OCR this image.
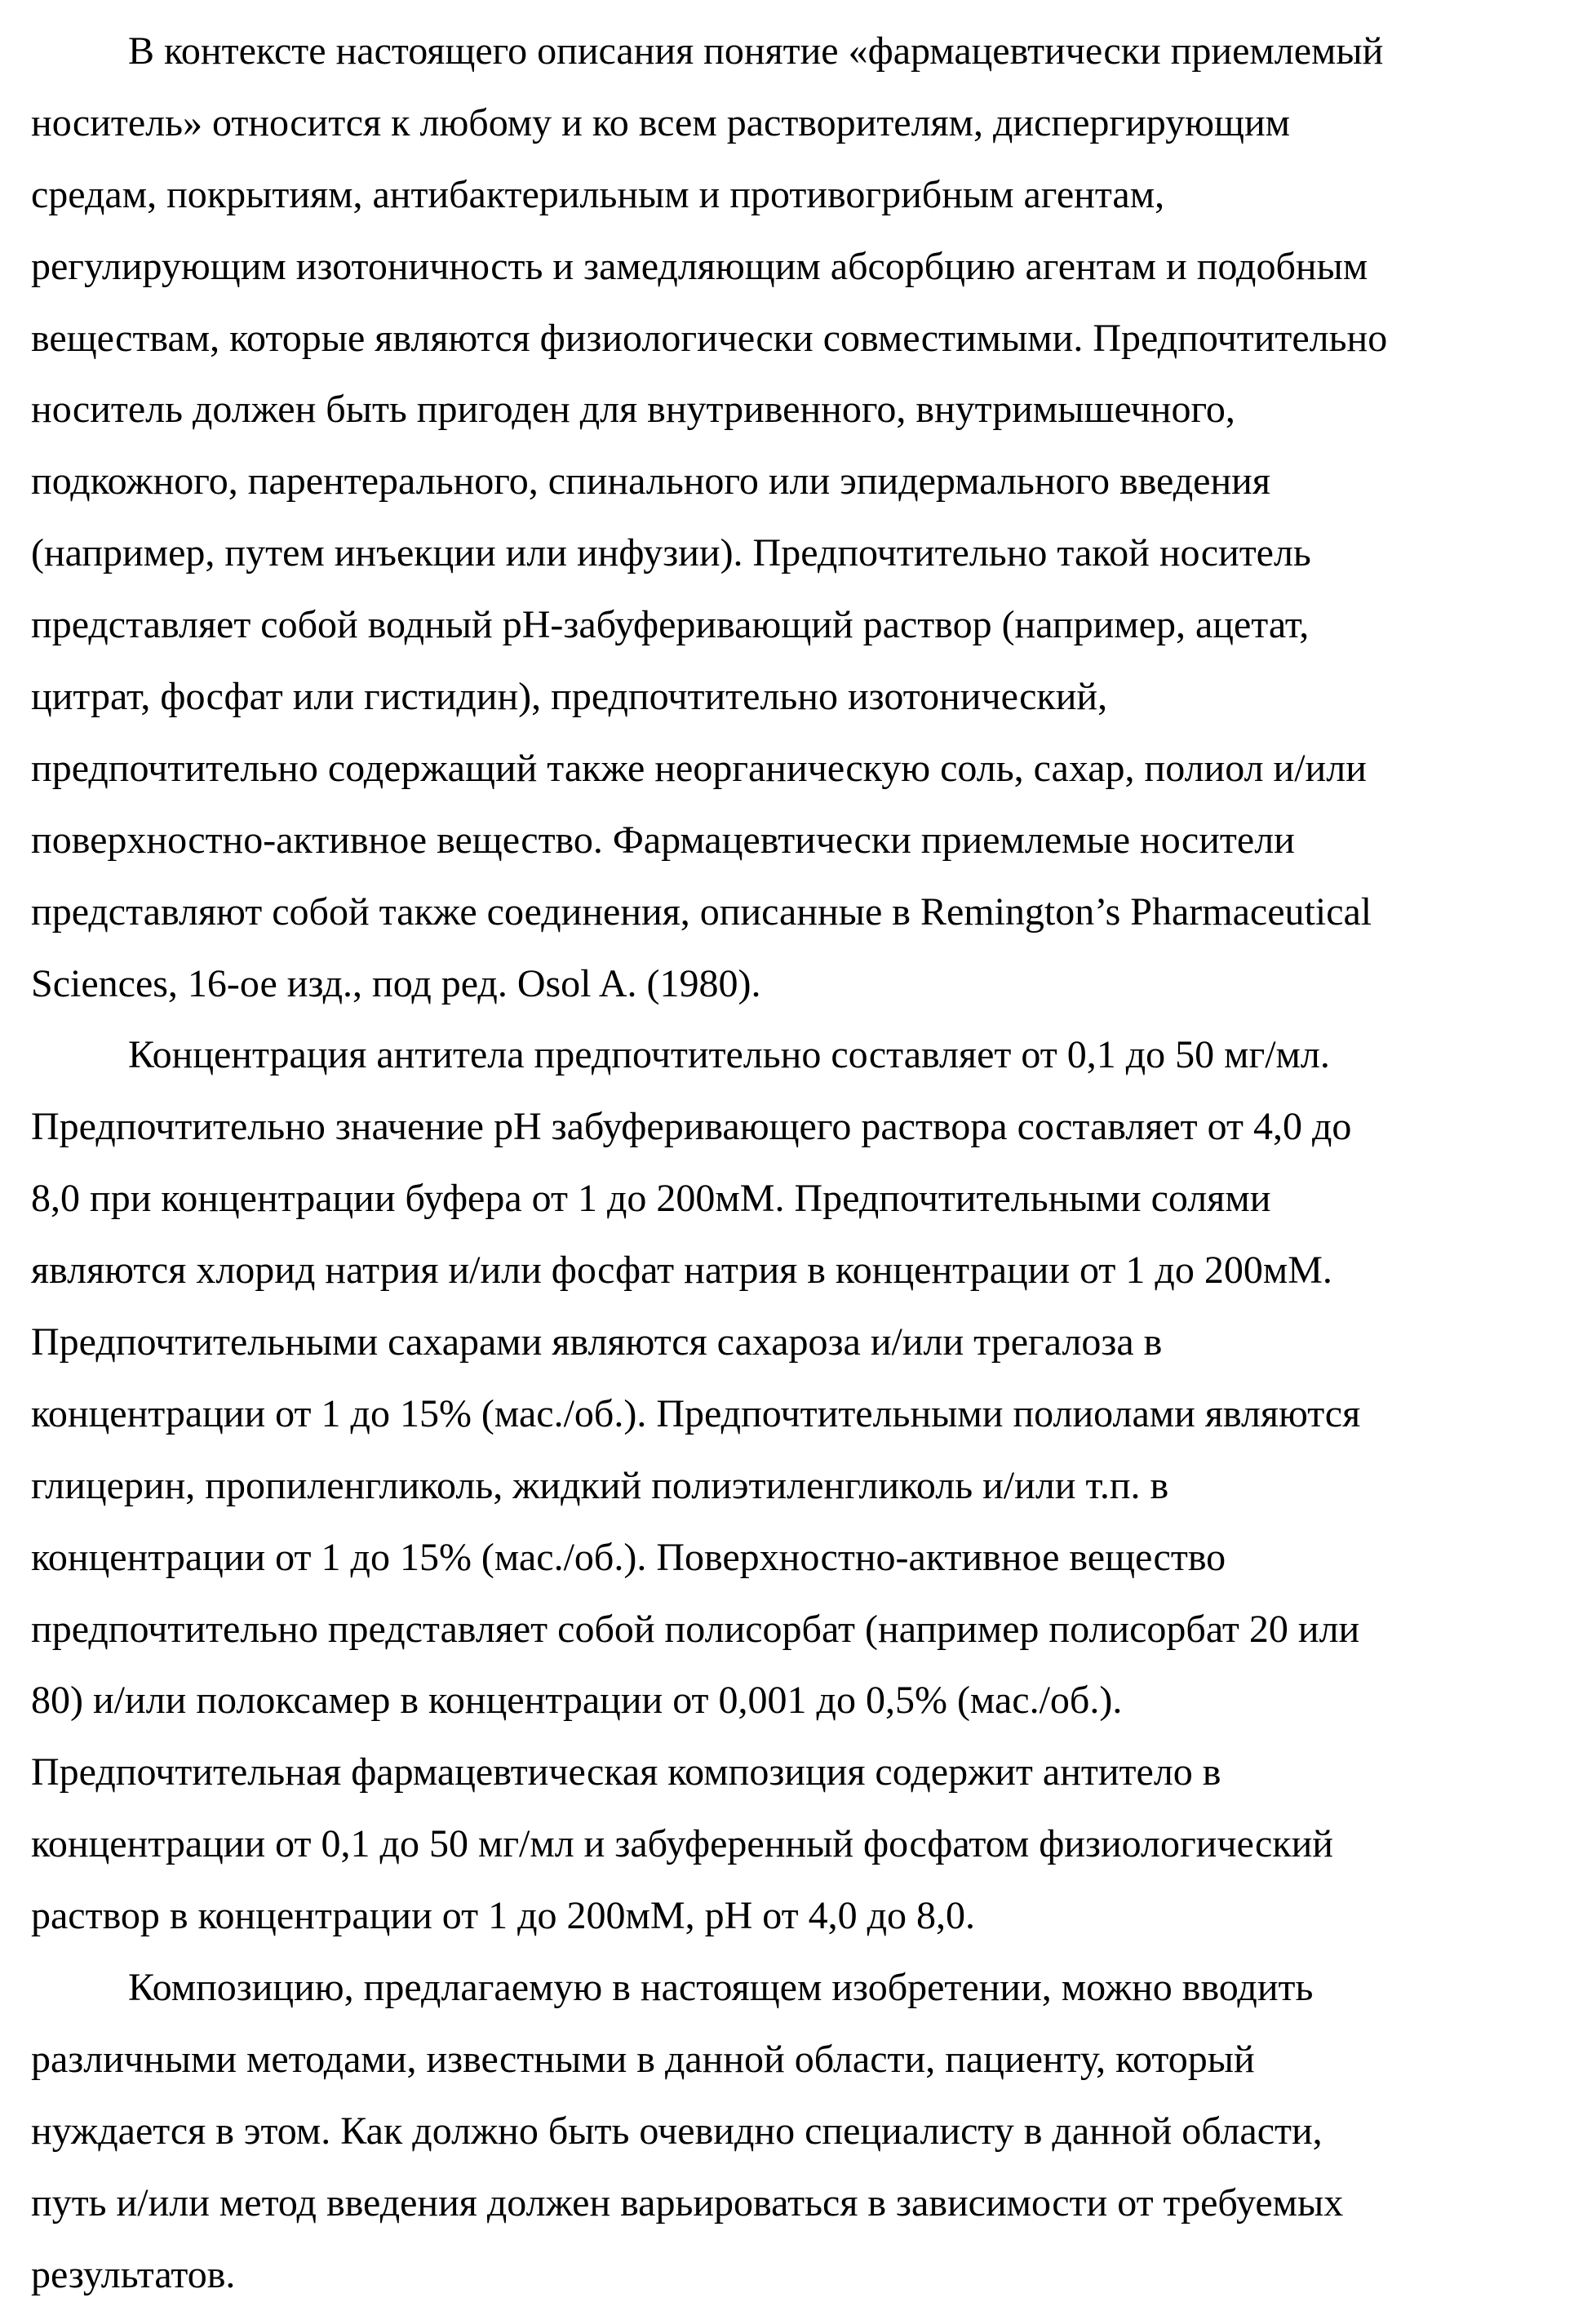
В контексте настоящего описания понятие «фармацевтически приемлемый
носитель» относится к любому и ко всем растворителям, диспергирующим
средам, покрытиям, антибактерильным и противогрибным агентам,
регулирующим изотоничность и замедляющим абсорбцию агентам и подобным
веществам, которые являются физиологически совместимыми. Предпочтительно
носитель должен быть пригоден для внутривенного, внутримышечного,
подкожного, парентерального, спинального или эпидермального введения
(например, путем инъекции или инфузии). Предпочтительно такой носитель
представляет собой водный pH-забуферивающий раствор (например, ацетат,
цитрат, фосфат или гистидин), предпочтительно изотонический,
предпочтительно содержащий также неорганическую соль, сахар, полиол и/или
поверхностно-активное вещество. Фармацевтически приемлемые носители
представляют собой также соединения, описанные в Remington’s Pharmaceutical
Sciences, 16-ое изд., под ред. Osol A. (1980).
Концентрация антитела предпочтительно составляет от 0,1 до 50 мг/мл.
Предпочтительно значение pH забуферивающего раствора составляет от 4,0 до
8,0 при концентрации буфера от 1 до 200мМ. Предпочтительными солями
являются хлорид натрия и/или фосфат натрия в концентрации от 1 до 200мМ.
Предпочтительными сахарами являются сахароза и/или трегалоза в
концентрации от 1 до 15% (мас./об.). Предпочтительными полиолами являются
глицерин, пропиленгликоль, жидкий полиэтиленгликоль и/или т.п. в
концентрации от 1 до 15% (мас./об.). Поверхностно-активное вещество
предпочтительно представляет собой полисорбат (например полисорбат 20 или
80) и/или полоксамер в концентрации от 0,001 до 0,5% (мас./об.).
Предпочтительная фармацевтическая композиция содержит антитело в
концентрации от 0,1 до 50 мг/мл и забуференный фосфатом физиологический
раствор в концентрации от 1 до 200мМ, pH от 4,0 до 8,0.
Композицию, предлагаемую в настоящем изобретении, можно вводить
различными методами, известными в данной области, пациенту, который
нуждается в этом. Как должно быть очевидно специалисту в данной области,
путь и/или метод введения должен варьироваться в зависимости от требуемых
результатов.
